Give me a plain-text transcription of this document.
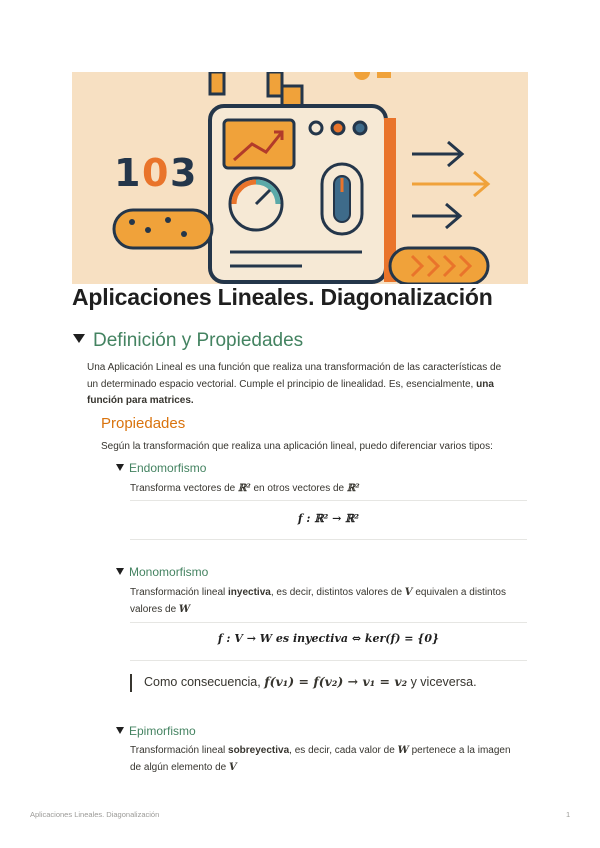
1 0 3
Aplicaciones Lineales. Diagonalización
Definición y Propiedades
Una Aplicación Lineal es una función que realiza una transformación de las características de
un determinado espacio vectorial. Cumple el principio de linealidad. Es, esencialmente, una
función para matrices.
Propiedades
Según la transformación que realiza una aplicación lineal, puedo diferenciar varios tipos:
Endomorfismo
Transforma vectores de ℝ² en otros vectores de ℝ²
f : ℝ² → ℝ²
Monomorfismo
Transformación lineal inyectiva, es decir, distintos valores de V equivalen a distintos
valores de W
f : V → W es inyectiva ⇔ ker(f) = {0}
Como consecuencia, f(v₁) = f(v₂) → v₁ = v₂ y viceversa.
Epimorfismo
Transformación lineal sobreyectiva, es decir, cada valor de W pertenece a la imagen
de algún elemento de V
Aplicaciones Lineales. Diagonalización	1
